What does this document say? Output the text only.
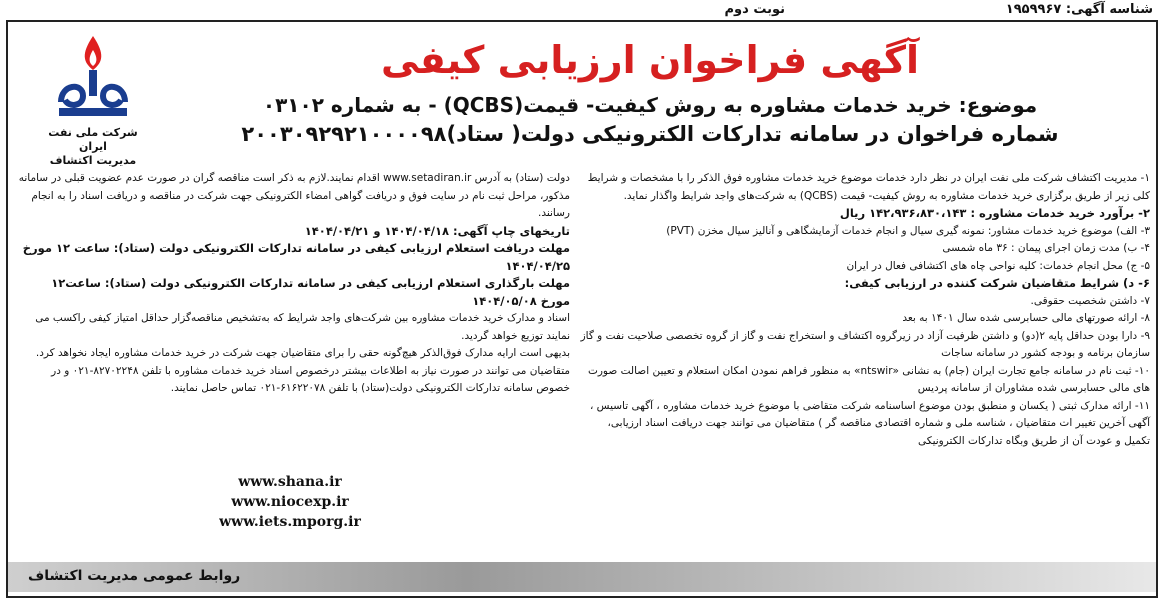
شناسه آگهی: ۱۹۵۹۹۶۷
نوبت دوم
شرکت ملی نفت ایران
مدیریت اکتشاف
آگهی فراخوان ارزیابی کیفی
موضوع: خرید خدمات مشاوره به روش کیفیت- قیمت(QCBS) - به شماره ۰۳۱۰۲
شماره فراخوان در سامانه تدارکات الکترونیکی دولت( ستاد)۲۰۰۳۰۹۲۹۲۱۰۰۰۰۹۸

۱- مدیریت اکتشاف شرکت ملی نفت ایران در نظر دارد خدمات موضوع خرید خدمات مشاوره فوق الذکر را با مشخصات و شرایط کلی زیر از طریق برگزاری خرید خدمات مشاوره به روش کیفیت- قیمت (QCBS) به شرکت‌های واجد شرایط واگذار نماید.

۲- برآورد خرید خدمات مشاوره : ۱۴۲،۹۳۶،۸۳۰،۱۴۳ ریال

۳- الف) موضوع خرید خدمات مشاور: نمونه گیری سیال و انجام خدمات آزمایشگاهی و آنالیز سیال مخزن (PVT)

۴- ب) مدت زمان اجرای پیمان : ۳۶ ماه شمسی

۵- ج) محل انجام خدمات: کلیه نواحی چاه های اکتشافی فعال در ایران

۶- د) شرایط متقاضیان شرکت کننده در ارزیابی کیفی:

۷- داشتن شخصیت حقوقی.

۸- ارائه صورتهای مالی حسابرسی شده سال ۱۴۰۱ به بعد

۹- دارا بودن حداقل پایه ۲(دو) و داشتن ظرفیت آزاد در زیرگروه اکتشاف و استخراج نفت و گاز از گروه تخصصی صلاحیت نفت و گاز سازمان برنامه و بودجه کشور در سامانه ساجات

۱۰- ثبت نام در سامانه جامع تجارت ایران (جام) به نشانی «ntswir» به منظور فراهم نمودن امکان استعلام و تعیین اصالت صورت های مالی حسابرسی شده مشاوران از سامانه پردیس

۱۱- ارائه مدارک ثبتی ( یکسان و منطبق بودن موضوع اساسنامه شرکت متقاضی با موضوع خرید خدمات مشاوره ، آگهی تاسیس ، آگهی آخرین تغییر ات متقاضیان ، شناسه ملی و شماره اقتصادی مناقصه گر ) متقاضیان می توانند جهت دریافت اسناد ارزیابی، تکمیل و عودت آن از طریق وبگاه تدارکات الکترونیکی

دولت (ستاد) به آدرس www.setadiran.ir اقدام نمایند.لازم به ذکر است مناقصه گران در صورت عدم عضویت قبلی در سامانه مذکور، مراحل ثبت نام در سایت فوق و دریافت گواهی امضاء الکترونیکی جهت شرکت در مناقصه و دریافت اسناد را به انجام رسانند.

تاریخهای چاپ آگهی: ۱۴۰۴/۰۴/۱۸ و ۱۴۰۴/۰۴/۲۱

مهلت دریافت استعلام ارزیابی کیفی در سامانه تدارکات الکترونیکی دولت (ستاد): ساعت ۱۲ مورخ ۱۴۰۴/۰۴/۲۵

مهلت بارگذاری استعلام ارزیابی کیفی در سامانه تدارکات الکترونیکی دولت (ستاد): ساعت۱۲ مورخ ۱۴۰۴/۰۵/۰۸

اسناد و مدارک خرید خدمات مشاوره بین شرکت‌های واجد شرایط که به‌تشخیص مناقصه‌گزار حداقل امتیاز کیفی راکسب می نمایند توزیع خواهد گردید.

بدیهی است ارایه مدارک فوق‌الذکر هیچ‌گونه حقی را برای متقاضیان جهت شرکت در خرید خدمات مشاوره ایجاد نخواهد کرد. متقاضیان می توانند در صورت نیاز به اطلاعات بیشتر درخصوص اسناد خرید خدمات مشاوره با تلفن ۸۲۷۰۲۲۴۸-۰۲۱ و در خصوص سامانه تدارکات الکترونیکی دولت(ستاد) با تلفن ۶۱۶۲۲۰۷۸-۰۲۱ تماس حاصل نمایند.

www.shana.ir
www.niocexp.ir
www.iets.mporg.ir
روابط عمومی مدیریت اکتشاف
